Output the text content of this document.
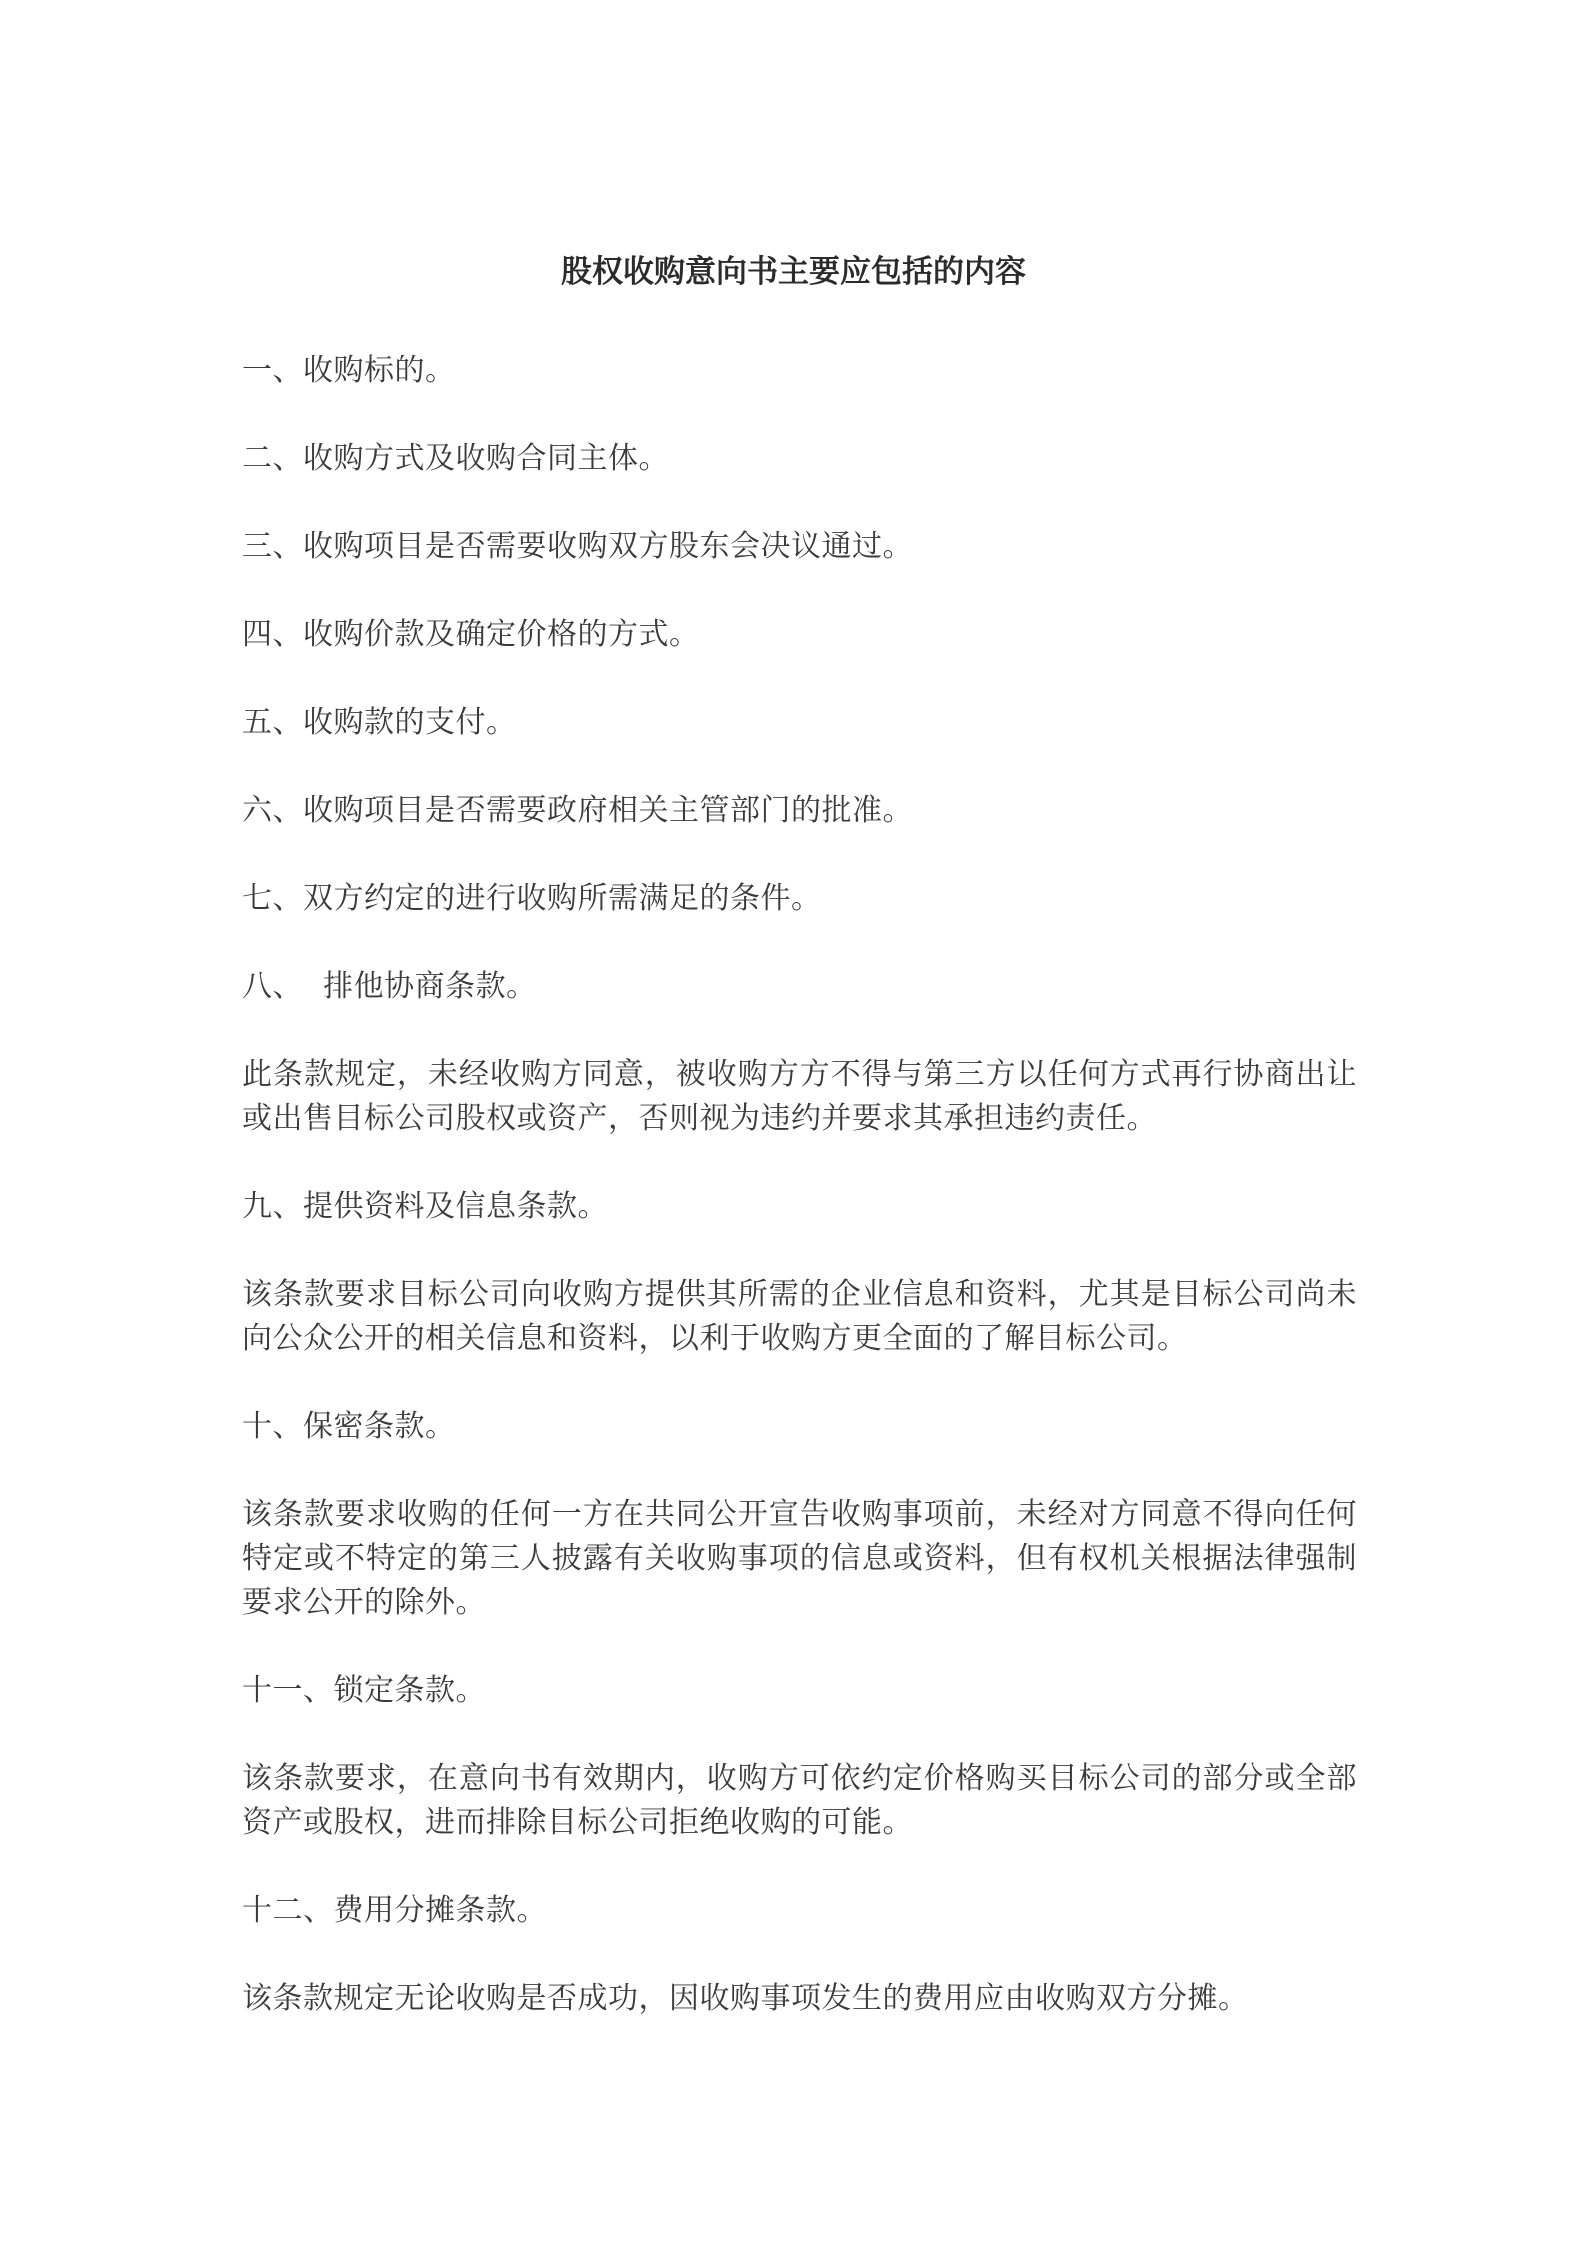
股权收购意向书主要应包括的内容

一、收购标的。

二、收购方式及收购合同主体。

三、收购项目是否需要收购双方股东会决议通过。

四、收购价款及确定价格的方式。

五、收购款的支付。

六、收购项目是否需要政府相关主管部门的批准。

七、双方约定的进行收购所需满足的条件。

八、  排他协商条款。

此条款规定，未经收购方同意，被收购方方不得与第三方以任何方式再行协商出让或出售目标公司股权或资产，否则视为违约并要求其承担违约责任。

九、提供资料及信息条款。

该条款要求目标公司向收购方提供其所需的企业信息和资料，尤其是目标公司尚未向公众公开的相关信息和资料，以利于收购方更全面的了解目标公司。

十、保密条款。

该条款要求收购的任何一方在共同公开宣告收购事项前，未经对方同意不得向任何特定或不特定的第三人披露有关收购事项的信息或资料，但有权机关根据法律强制要求公开的除外。

十一、锁定条款。

该条款要求，在意向书有效期内，收购方可依约定价格购买目标公司的部分或全部资产或股权，进而排除目标公司拒绝收购的可能。

十二、费用分摊条款。

该条款规定无论收购是否成功，因收购事项发生的费用应由收购双方分摊。
